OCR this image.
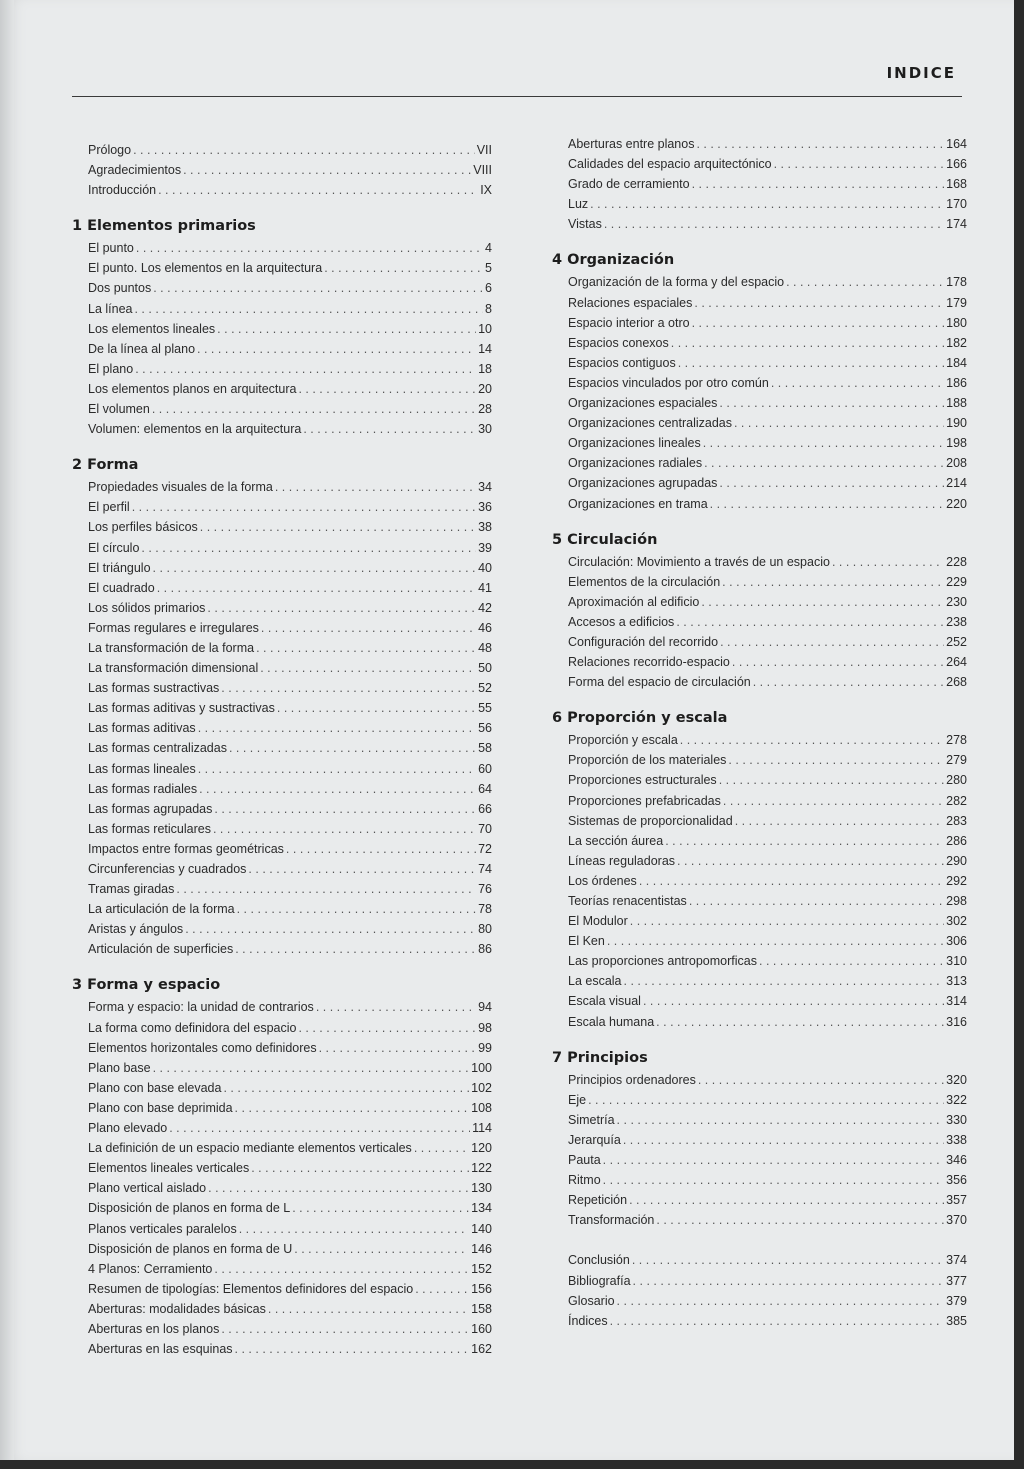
INDICE
Prólogo . . .	VII
Agradecimientos . . .	VIII
Introducción . . .	IX
1 Elementos primarios
El punto . . .	4
El punto. Los elementos en la arquitectura . . .	5
Dos puntos . . .	6
La línea . . .	8
Los elementos lineales . . .	10
De la línea al plano . . .	14
El plano . . .	18
Los elementos planos en arquitectura . . .	20
El volumen . . .	28
Volumen: elementos en la arquitectura . . .	30
2 Forma
Propiedades visuales de la forma . . .	34
El perfil . . .	36
Los perfiles básicos . . .	38
El círculo . . .	39
El triángulo . . .	40
El cuadrado . . .	41
Los sólidos primarios . . .	42
Formas regulares e irregulares . . .	46
La transformación de la forma . . .	48
La transformación dimensional . . .	50
Las formas sustractivas . . .	52
Las formas aditivas y sustractivas . . .	55
Las formas aditivas . . .	56
Las formas centralizadas . . .	58
Las formas lineales . . .	60
Las formas radiales . . .	64
Las formas agrupadas . . .	66
Las formas reticulares . . .	70
Impactos entre formas geométricas . . .	72
Circunferencias y cuadrados . . .	74
Tramas giradas . . .	76
La articulación de la forma . . .	78
Aristas y ángulos . . .	80
Articulación de superficies . . .	86
3 Forma y espacio
Forma y espacio: la unidad de contrarios . . .	94
La forma como definidora del espacio . . .	98
Elementos horizontales como definidores . . .	99
Plano base . . .	100
Plano con base elevada . . .	102
Plano con base deprimida . . .	108
Plano elevado . . .	114
La definición de un espacio mediante elementos verticales . . .	120
Elementos lineales verticales . . .	122
Plano vertical aislado . . .	130
Disposición de planos en forma de L . . .	134
Planos verticales paralelos . . .	140
Disposición de planos en forma de U . . .	146
4 Planos: Cerramiento . . .	152
Resumen de tipologías: Elementos definidores del espacio . . .	156
Aberturas: modalidades básicas . . .	158
Aberturas en los planos . . .	160
Aberturas en las esquinas . . .	162
Aberturas entre planos . . .	164
Calidades del espacio arquitectónico . . .	166
Grado de cerramiento . . .	168
Luz . . .	170
Vistas . . .	174
4 Organización
Organización de la forma y del espacio . . .	178
Relaciones espaciales . . .	179
Espacio interior a otro . . .	180
Espacios conexos . . .	182
Espacios contiguos . . .	184
Espacios vinculados por otro común . . .	186
Organizaciones espaciales . . .	188
Organizaciones centralizadas . . .	190
Organizaciones lineales . . .	198
Organizaciones radiales . . .	208
Organizaciones agrupadas . . .	214
Organizaciones en trama . . .	220
5 Circulación
Circulación: Movimiento a través de un espacio . . .	228
Elementos de la circulación . . .	229
Aproximación al edificio . . .	230
Accesos a edificios . . .	238
Configuración del recorrido . . .	252
Relaciones recorrido-espacio . . .	264
Forma del espacio de circulación . . .	268
6 Proporción y escala
Proporción y escala . . .	278
Proporción de los materiales . . .	279
Proporciones estructurales . . .	280
Proporciones prefabricadas . . .	282
Sistemas de proporcionalidad . . .	283
La sección áurea . . .	286
Líneas reguladoras . . .	290
Los órdenes . . .	292
Teorías renacentistas . . .	298
El Modulor . . .	302
El Ken . . .	306
Las proporciones antropomorficas . . .	310
La escala . . .	313
Escala visual . . .	314
Escala humana . . .	316
7 Principios
Principios ordenadores . . .	320
Eje . . .	322
Simetría . . .	330
Jerarquía . . .	338
Pauta . . .	346
Ritmo . . .	356
Repetición . . .	357
Transformación . . .	370
Conclusión . . .	374
Bibliografía . . .	377
Glosario . . .	379
Índices . . .	385
